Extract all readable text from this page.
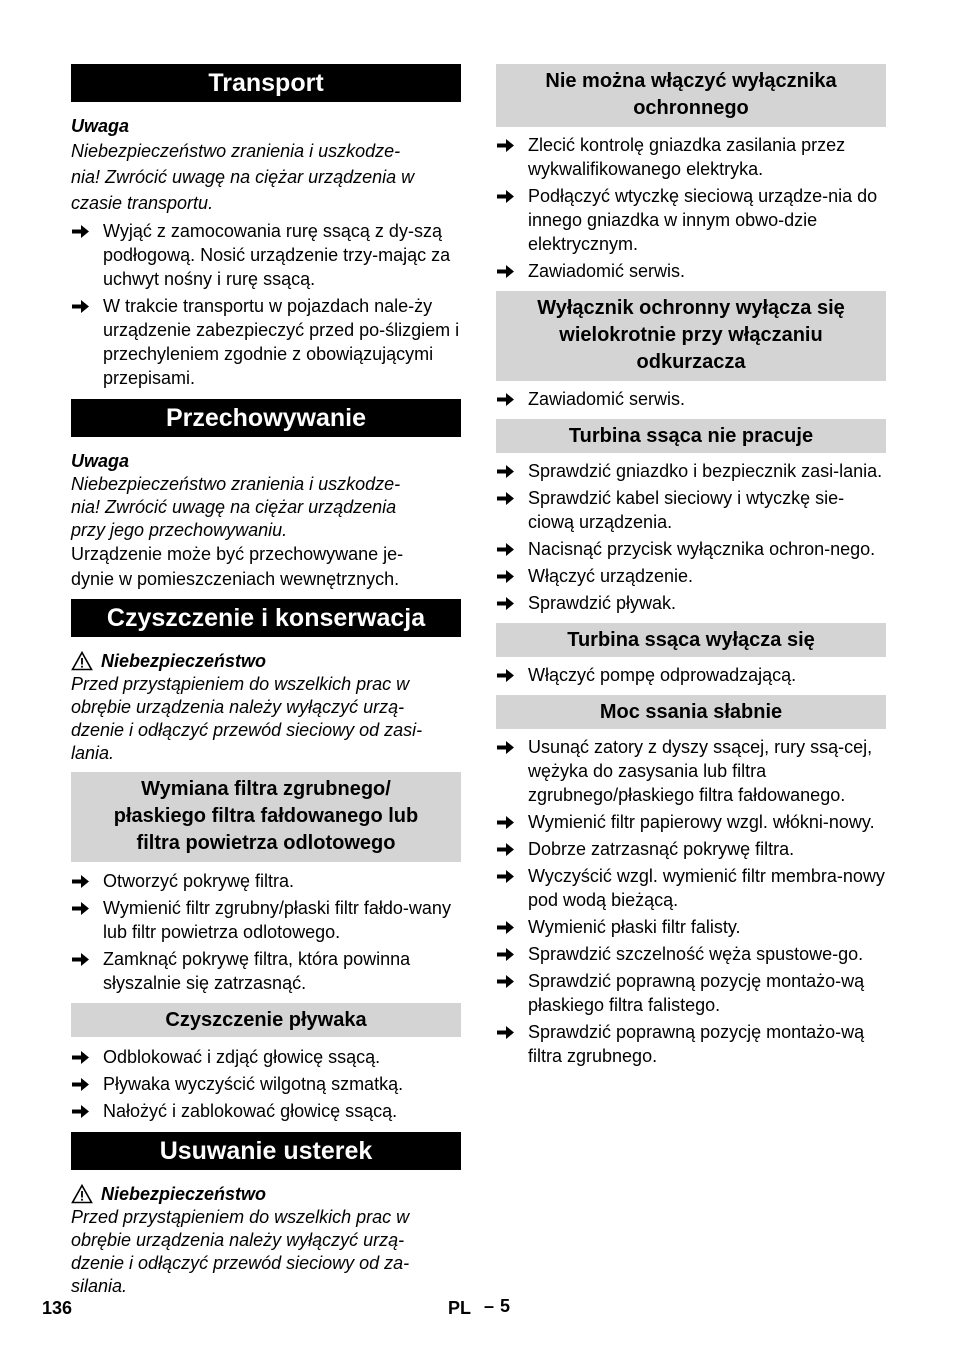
Transport
Uwaga

Niebezpieczeństwo zranienia i uszkodze-

nia! Zwrócić uwagę na ciężar urządzenia w

czasie transportu.

Wyjąć z zamocowania rurę ssącą z dy-szą podłogową. Nosić urządzenie trzy-mając za uchwyt nośny i rurę ssącą.
W trakcie transportu w pojazdach nale-ży urządzenie zabezpieczyć przed po-ślizgiem i przechyleniem zgodnie z obowiązującymi przepisami.
Przechowywanie
Uwaga

Niebezpieczeństwo zranienia i uszkodze-

nia! Zwrócić uwagę na ciężar urządzenia

przy jego przechowywaniu.

Urządzenie może być przechowywane je-

dynie w pomieszczeniach wewnętrznych.

Czyszczenie i konserwacja
Niebezpieczeństwo

Przed przystąpieniem do wszelkich prac w

obrębie urządzenia należy wyłączyć urzą-

dzenie i odłączyć przewód sieciowy od zasi-

lania.

Wymiana filtra zgrubnego/
płaskiego filtra fałdowanego lub
filtra powietrza odlotowego
Otworzyć pokrywę filtra.
Wymienić filtr zgrubny/płaski filtr fałdo-wany lub filtr powietrza odlotowego.
Zamknąć pokrywę filtra, która powinna słyszalnie się zatrzasnąć.
Czyszczenie pływaka
Odblokować i zdjąć głowicę ssącą.
Pływaka wyczyścić wilgotną szmatką.
Nałożyć i zablokować głowicę ssącą.
Usuwanie usterek
Niebezpieczeństwo

Przed przystąpieniem do wszelkich prac w

obrębie urządzenia należy wyłączyć urzą-

dzenie i odłączyć przewód sieciowy od za-

silania.

Nie można włączyć wyłącznika
ochronnego
Zlecić kontrolę gniazdka zasilania przez wykwalifikowanego elektryka.
Podłączyć wtyczkę sieciową urządze-nia do innego gniazdka w innym obwo-dzie elektrycznym.
Zawiadomić serwis.
Wyłącznik ochronny wyłącza się
wielokrotnie przy włączaniu
odkurzacza
Zawiadomić serwis.
Turbina ssąca nie pracuje
Sprawdzić gniazdko i bezpiecznik zasi-lania.
Sprawdzić kabel sieciowy i wtyczkę sie-ciową urządzenia.
Nacisnąć przycisk wyłącznika ochron-nego.
Włączyć urządzenie.
Sprawdzić pływak.
Turbina ssąca wyłącza się
Włączyć pompę odprowadzającą.
Moc ssania słabnie
Usunąć zatory z dyszy ssącej, rury ssą-cej, wężyka do zasysania lub filtra zgrubnego/płaskiego filtra fałdowanego.
Wymienić filtr papierowy wzgl. włókni-nowy.
Dobrze zatrzasnąć pokrywę filtra.
Wyczyścić wzgl. wymienić filtr membra-nowy pod wodą bieżącą.
Wymienić płaski filtr falisty.
Sprawdzić szczelność węża spustowe-go.
Sprawdzić poprawną pozycję montażo-wą płaskiego filtra falistego.
Sprawdzić poprawną pozycję montażo-wą filtra zgrubnego.
136	PL – 5
